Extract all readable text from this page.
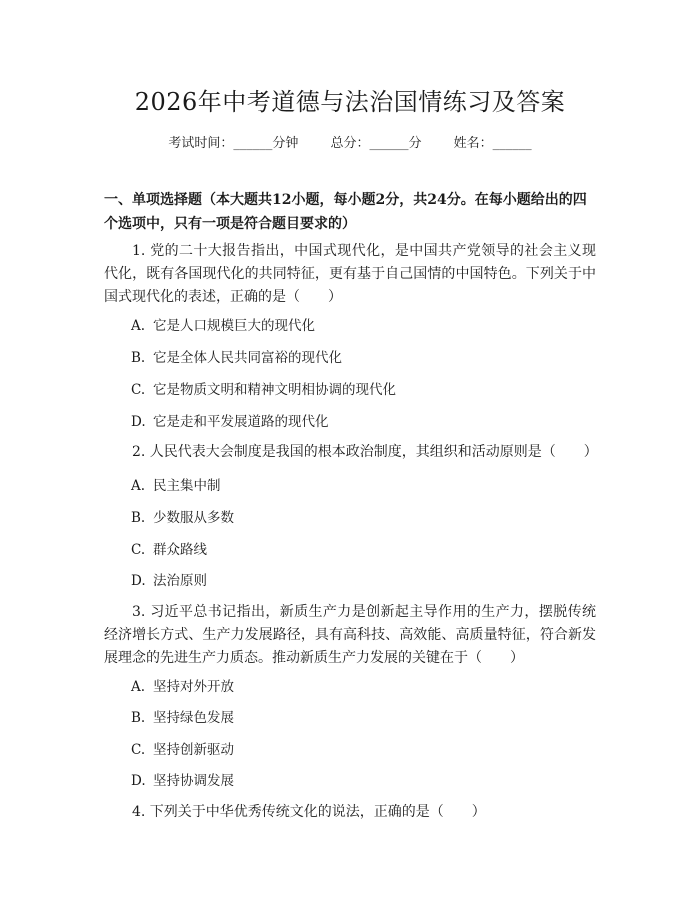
2026年中考道德与法治国情练习及答案
考试时间：______分钟 总分：______分 姓名：______
一、单项选择题（本大题共12小题，每小题2分，共24分。在每小题给出的四个选项中，只有一项是符合题目要求的）
1. 党的二十大报告指出，中国式现代化，是中国共产党领导的社会主义现代化，既有各国现代化的共同特征，更有基于自己国情的中国特色。下列关于中国式现代化的表述，正确的是（　　）
A. 它是人口规模巨大的现代化
B. 它是全体人民共同富裕的现代化
C. 它是物质文明和精神文明相协调的现代化
D. 它是走和平发展道路的现代化
2. 人民代表大会制度是我国的根本政治制度，其组织和活动原则是（　　）
A. 民主集中制
B. 少数服从多数
C. 群众路线
D. 法治原则
3. 习近平总书记指出，新质生产力是创新起主导作用的生产力，摆脱传统经济增长方式、生产力发展路径，具有高科技、高效能、高质量特征，符合新发展理念的先进生产力质态。推动新质生产力发展的关键在于（　　）
A. 坚持对外开放
B. 坚持绿色发展
C. 坚持创新驱动
D. 坚持协调发展
4. 下列关于中华优秀传统文化的说法，正确的是（　　）
